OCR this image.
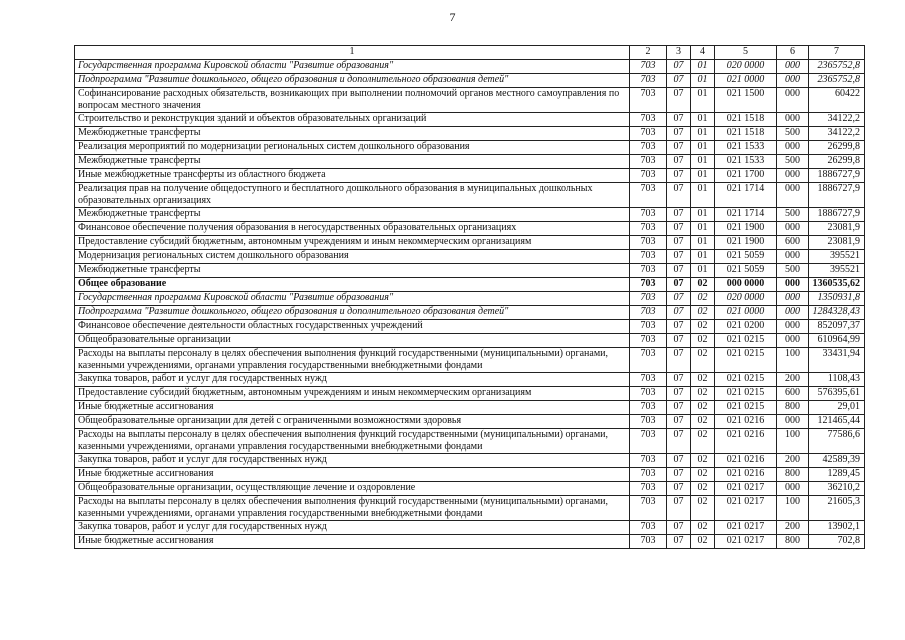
7
1	2	3	4	5	6	7
Государственная программа Кировской области "Развитие образования"	703	07	01	020 0000	000	2365752,8
Подпрограмма "Развитие дошкольного, общего образования и дополнительного образования детей"	703	07	01	021 0000	000	2365752,8
Софинансирование расходных обязательств, возникающих при выполнении полномочий органов местного самоуправления по вопросам местного значения	703	07	01	021 1500	000	60422
Строительство и реконструкция зданий и объектов образовательных организаций	703	07	01	021 1518	000	34122,2
Межбюджетные трансферты	703	07	01	021 1518	500	34122,2
Реализация мероприятий по модернизации региональных систем дошкольного образования	703	07	01	021 1533	000	26299,8
Межбюджетные трансферты	703	07	01	021 1533	500	26299,8
Иные межбюджетные трансферты из областного бюджета	703	07	01	021 1700	000	1886727,9
Реализация прав на получение общедоступного и бесплатного дошкольного образования в муниципальных дошкольных образовательных организациях	703	07	01	021 1714	000	1886727,9
Межбюджетные трансферты	703	07	01	021 1714	500	1886727,9
Финансовое обеспечение получения образования в негосударственных образовательных организациях	703	07	01	021 1900	000	23081,9
Предоставление субсидий бюджетным, автономным учреждениям и иным некоммерческим организациям	703	07	01	021 1900	600	23081,9
Модернизация региональных систем дошкольного образования	703	07	01	021 5059	000	395521
Межбюджетные трансферты	703	07	01	021 5059	500	395521
Общее образование	703	07	02	000 0000	000	1360535,62
Государственная программа Кировской области "Развитие образования"	703	07	02	020 0000	000	1350931,8
Подпрограмма "Развитие дошкольного, общего образования и дополнительного образования детей"	703	07	02	021 0000	000	1284328,43
Финансовое обеспечение деятельности областных государственных учреждений	703	07	02	021 0200	000	852097,37
Общеобразовательные организации	703	07	02	021 0215	000	610964,99
Расходы на выплаты персоналу в целях обеспечения выполнения функций государственными (муниципальными) органами, казенными учреждениями, органами управления государственными внебюджетными фондами	703	07	02	021 0215	100	33431,94
Закупка товаров, работ и услуг для государственных нужд	703	07	02	021 0215	200	1108,43
Предоставление субсидий бюджетным, автономным учреждениям и иным некоммерческим организациям	703	07	02	021 0215	600	576395,61
Иные бюджетные ассигнования	703	07	02	021 0215	800	29,01
Общеобразовательные организации для детей с ограниченными возможностями здоровья	703	07	02	021 0216	000	121465,44
Расходы на выплаты персоналу в целях обеспечения выполнения функций государственными (муниципальными) органами, казенными учреждениями, органами управления государственными внебюджетными фондами	703	07	02	021 0216	100	77586,6
Закупка товаров, работ и услуг для государственных нужд	703	07	02	021 0216	200	42589,39
Иные бюджетные ассигнования	703	07	02	021 0216	800	1289,45
Общеобразовательные организации, осуществляющие лечение и оздоровление	703	07	02	021 0217	000	36210,2
Расходы на выплаты персоналу в целях обеспечения выполнения функций государственными (муниципальными) органами, казенными учреждениями, органами управления государственными внебюджетными фондами	703	07	02	021 0217	100	21605,3
Закупка товаров, работ и услуг для государственных нужд	703	07	02	021 0217	200	13902,1
Иные бюджетные ассигнования	703	07	02	021 0217	800	702,8
